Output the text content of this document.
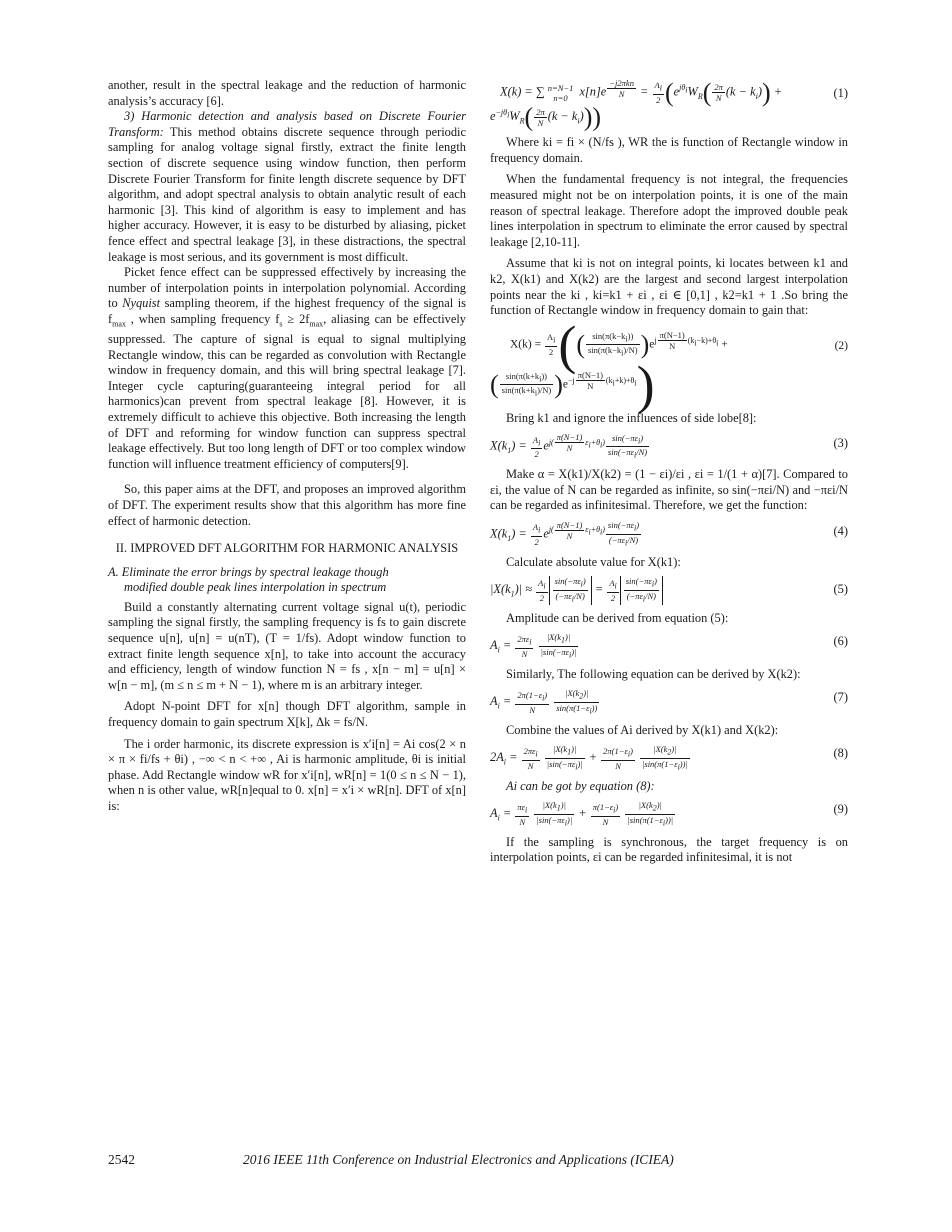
another, result in the spectral leakage and the reduction of harmonic analysis’s accuracy [6].

3) Harmonic detection and analysis based on Discrete Fourier Transform: This method obtains discrete sequence through periodic sampling for analog voltage signal firstly, extract the finite length section of discrete sequence using window function, then perform Discrete Fourier Transform for finite length discrete sequence by DFT algorithm, and adopt spectral analysis to obtain analytic result of each harmonic [3]. This kind of algorithm is easy to implement and has higher accuracy. However, it is easy to be disturbed by aliasing, picket fence effect and spectral leakage [3], in these distractions, the spectral leakage is most serious, and its government is most difficult.

Picket fence effect can be suppressed effectively by increasing the number of interpolation points in interpolation polynomial. According to Nyquist sampling theorem, if the highest frequency of the signal is $f_{max}$ , when sampling frequency $f_s \ge 2f_{max}$, aliasing can be effectively suppressed. The capture of signal is equal to signal multiplying Rectangle window, this can be regarded as convolution with Rectangle window in frequency domain, and this will bring spectral leakage [7]. Integer cycle capturing(guaranteeing integral period for all harmonics)can prevent from spectral leakage [8]. However, it is extremely difficult to achieve this objective. Both increasing the length of DFT and reforming for window function can suppress spectral leakage effectively. But too long length of DFT or too complex window function will influence treatment efficiency of computers[9].

So, this paper aims at the DFT, and proposes an improved algorithm of DFT. The experiment results show that this algorithm has more fine effect of harmonic detection.

II. IMPROVED DFT ALGORITHM FOR HARMONIC ANALYSIS
A. Eliminate the error brings by spectral leakage though
modified double peak lines interpolation in spectrum

Build a constantly alternating current voltage signal u(t), periodic sampling the signal firstly, the sampling frequency is fs to gain discrete sequence u[n], u[n] = u(nT), (T = 1/fs). Adopt window function to extract finite length sequence x[n], to take into account the accuracy and efficiency, length of window function N = fs , x[n − m] = u[n] × w[n − m], (m ≤ n ≤ m + N − 1), where m is an arbitrary integer.

Adopt N-point DFT for x[n] though DFT algorithm, sample in frequency domain to gain spectrum X[k], Δk = fs/N.

The i order harmonic, its discrete expression is x′i[n] = Ai cos(2 × n × π × fi/fs + θi) , −∞ < n < +∞ , Ai is harmonic amplitude, θi is initial phase. Add Rectangle window wR for x′i[n], wR[n] = 1(0 ≤ n ≤ N − 1), when n is other value, wR[n]equal to 0. x[n] = x′i × wR[n]. DFT of x[n] is:

X(k) = ∑ n=N−1
n=0 x[n]e $^{\frac{\text{−j2πkn}}{N}} = \frac{A_i}{2} (e^{j\theta_i}W_R( \frac{2\pi}{N} (k - k_i))$ +
$e^{-j\theta_i}W_R( \frac{2\pi}{N} (k - k_i))$)
(1)

Where ki = fi × (N/fs ), WR the is function of Rectangle window in frequency domain.

When the fundamental frequency is not integral, the frequencies measured might not be on interpolation points, it is one of the main reason of spectral leakage. Therefore adopt the improved double peak lines interpolation in spectrum to eliminate the error caused by spectral leakage [2,10-11].

Assume that ki is not on integral points, ki locates between k1 and k2, X(k1) and X(k2) are the largest and second largest interpolation points near the ki , ki=k1 + εi , εi ∈ [0,1] , k2=k1 + 1 .So bring the function of Rectangle window in frequency domain to gain that:

$X(k) = \frac{A_i}{2}$ (( $\frac{\sin(\pi(k-k_i))}{\sin(\pi(k-k_i)/N)} )e^{j \frac{\pi(N-1)}{N} (k_i-k)+\theta_i}$ +
( $\frac{\sin(\pi(k+k_i))}{\sin(\pi(k+k_i)/N)} )e^{-j \frac{\pi(N-1)}{N} (k_i+k)+\theta_i}$)
(2)

Bring k1 and ignore the influences of side lobe[8]:

$X(k_1) = \frac{A_i}{2} e^{j( \frac{\pi(N-1)}{N} \varepsilon_i+\theta_i)} \frac{\sin(-\pi\varepsilon_i)}{\sin(-\pi\varepsilon_i/N)}$	(3)

Make α = X(k1)/X(k2) = (1 − εi)/εi , εi = 1/(1 + α)[7]. Compared to εi, the value of N can be regarded as infinite, so sin(−πεi/N) and −πεi/N can be regarded as infinitesimal. Therefore, we get the function:

$X(k_1) = \frac{A_i}{2} e^{j( \frac{\pi(N-1)}{N} \varepsilon_i+\theta_i)} \frac{\sin(-\pi\varepsilon_i)}{(-\pi\varepsilon_i/N)}$	(4)

Calculate absolute value for X(k1):

$|X(k_1)| \approx \frac{A_i}{2} \frac{\sin(-\pi\varepsilon_i)}{(-\pi\varepsilon_i/N)} = \frac{A_i}{2} \frac{\sin(-\pi\varepsilon_i)}{(-\pi\varepsilon_i/N)}$	(5)

Amplitude can be derived from equation (5):

$A_i = \frac{2\pi\varepsilon_i}{N}$
$\frac{|X(k_1)|}{|\sin(-\pi\varepsilon_i)|}$	(6)

Similarly, The following equation can be derived by X(k2):

$A_i = \frac{2\pi(1-\varepsilon_i)}{N}$
$\frac{|X(k_2)|}{\sin(\pi(1-\varepsilon_i))}$	(7)

Combine the values of Ai derived by X(k1) and X(k2):

$2A_i = \frac{2\pi\varepsilon_i}{N}$
$\frac{|X(k_1)|}{|\sin(-\pi\varepsilon_i)|} + \frac{2\pi(1-\varepsilon_i)}{N}$
$\frac{|X(k_2)|}{|\sin(\pi(1-\varepsilon_i))|}$	(8)

Ai can be got by equation (8):

$A_i = \frac{\pi\varepsilon_i}{N}$
$\frac{|X(k_1)|}{|\sin(-\pi\varepsilon_i)|} + \frac{\pi(1-\varepsilon_i)}{N}$
$\frac{|X(k_2)|}{|\sin(\pi(1-\varepsilon_i))|}$	(9)

If the sampling is synchronous, the target frequency is on interpolation points, εi can be regarded infinitesimal, it is not

2542	2016 IEEE 11th Conference on Industrial Electronics and Applications (ICIEA)
